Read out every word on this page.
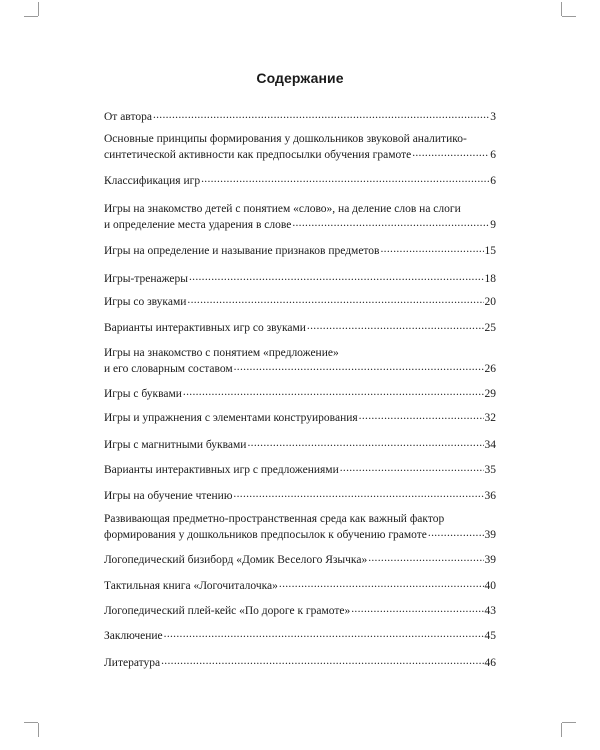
Содержание
От автора .....	3
Основные принципы формирования у дошкольников звуковой аналитико-
синтетической активности как предпосылки обучения грамоте .....	6
Классификация игр .....	6
Игры на знакомство детей с понятием «слово», на деление слов на слоги
и определение места ударения в слове .....	9
Игры на определение и называние признаков предметов .....	15
Игры-тренажеры .....	18
Игры со звуками .....	20
Варианты интерактивных игр со звуками .....	25
Игры на знакомство с понятием «предложение»
и его словарным составом .....	26
Игры с буквами .....	29
Игры и упражнения с элементами конструирования .....	32
Игры с магнитными буквами .....	34
Варианты интерактивных игр с предложениями .....	35
Игры на обучение чтению .....	36
Развивающая предметно-пространственная среда как важный фактор
формирования у дошкольников предпосылок к обучению грамоте .....	39
Логопедический бизиборд «Домик Веселого Язычка» .....	39
Тактильная книга «Логочиталочка» .....	40
Логопедический плей-кейс «По дороге к грамоте» .....	43
Заключение .....	45
Литература .....	46
